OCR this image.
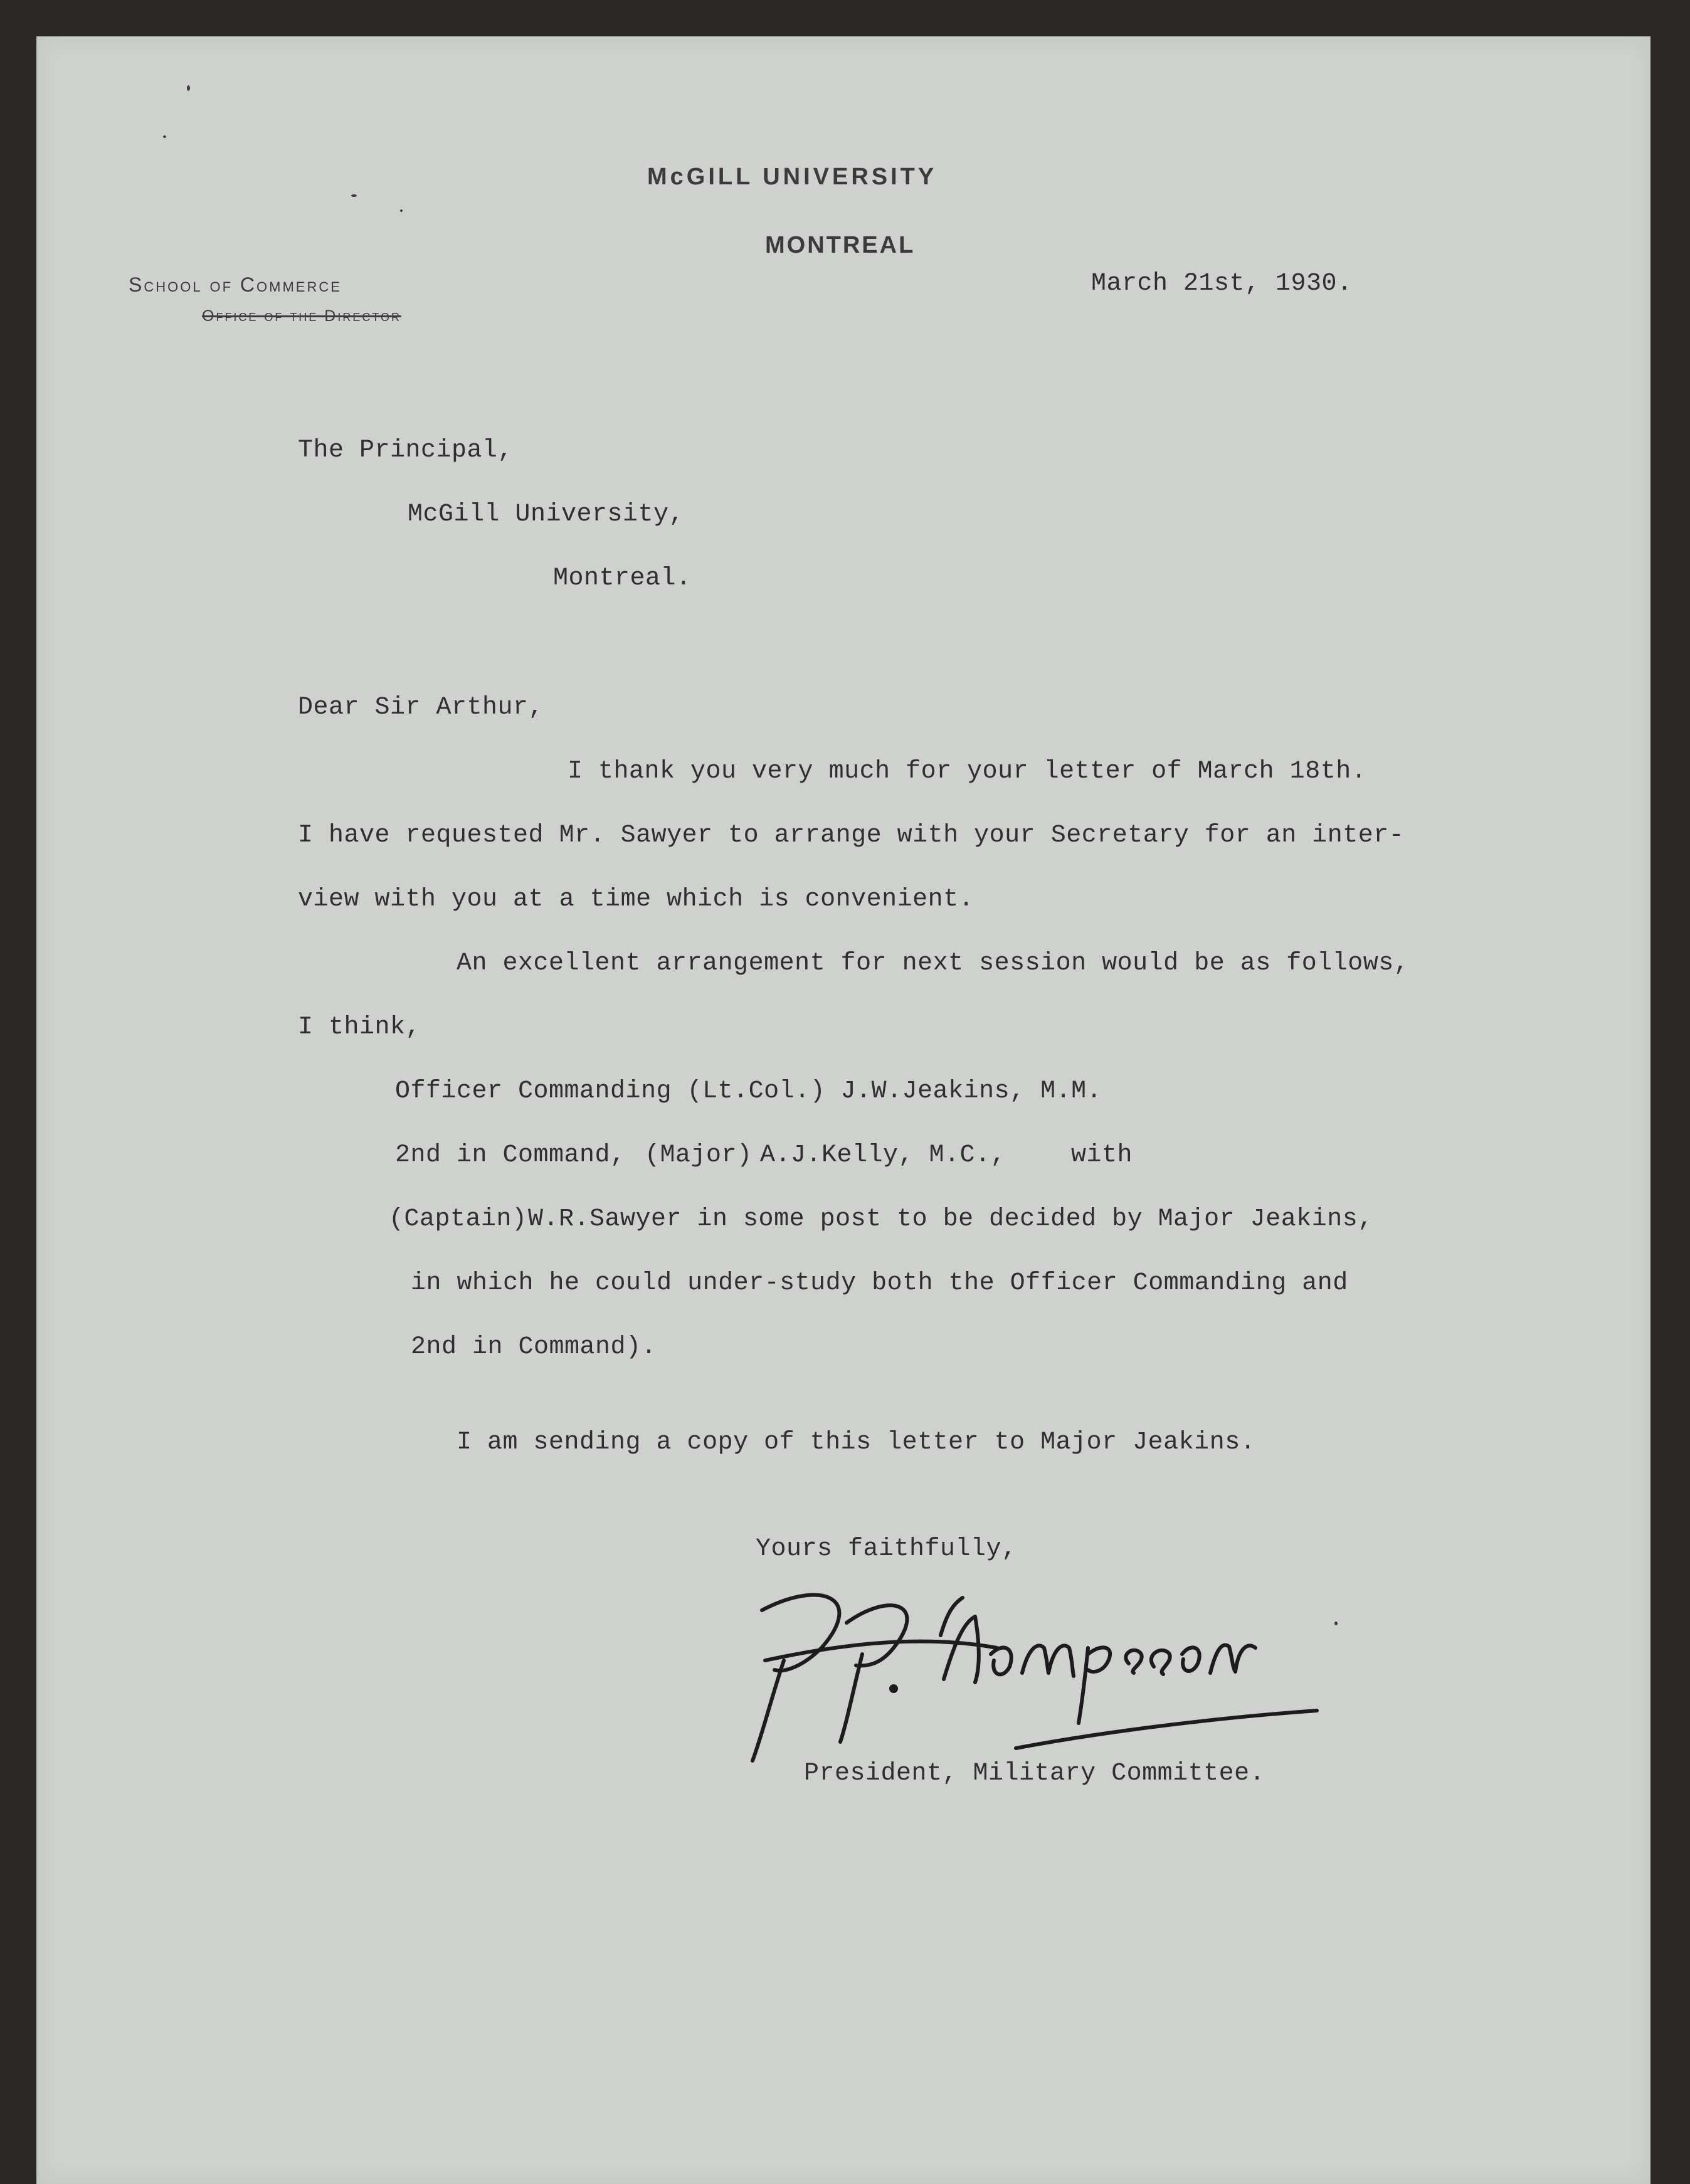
McGILL UNIVERSITY
MONTREAL
School of Commerce
Office of the Director
March 21st, 1930.
The Principal,
McGill University,
Montreal.
Dear Sir Arthur,
I thank you very much for your letter of March 18th.
I have requested Mr. Sawyer to arrange with your Secretary for an inter-
view with you at a time which is convenient.
An excellent arrangement for next session would be as follows,
I think,
Officer Commanding (Lt.Col.) J.W.Jeakins, M.M.
2nd in Command, (Major) A.J.Kelly, M.C.,	with
(Captain) W.R.Sawyer in some post to be decided by Major Jeakins,
in which he could under-study both the Officer Commanding and
2nd in Command).
I am sending a copy of this letter to Major Jeakins.
Yours faithfully,
President, Military Committee.
